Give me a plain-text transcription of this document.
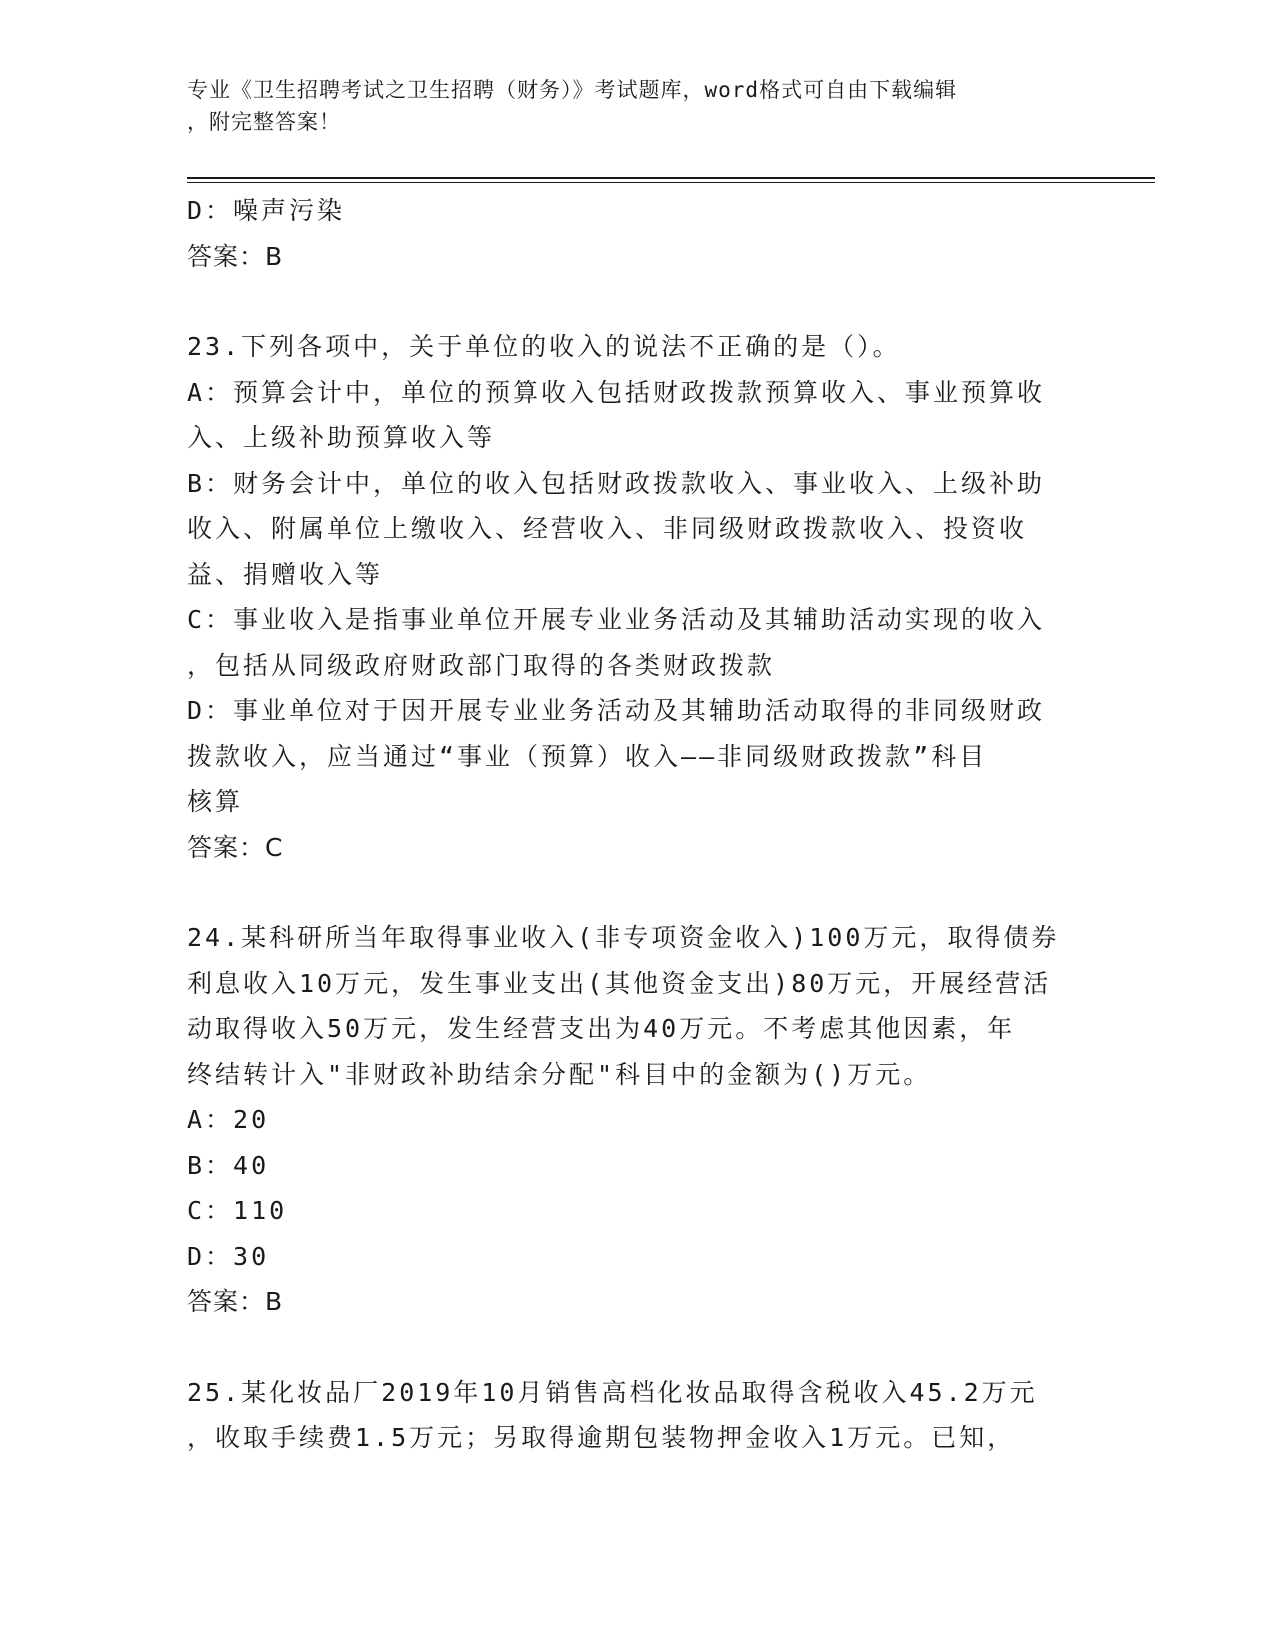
专业《卫生招聘考试之卫生招聘（财务）》考试题库，word格式可自由下载编辑
，附完整答案！
D：噪声污染
答案：B
23.下列各项中，关于单位的收入的说法不正确的是（）。
A：预算会计中，单位的预算收入包括财政拨款预算收入、事业预算收
入、上级补助预算收入等
B：财务会计中，单位的收入包括财政拨款收入、事业收入、上级补助
收入、附属单位上缴收入、经营收入、非同级财政拨款收入、投资收
益、捐赠收入等
C：事业收入是指事业单位开展专业业务活动及其辅助活动实现的收入
，包括从同级政府财政部门取得的各类财政拨款
D：事业单位对于因开展专业业务活动及其辅助活动取得的非同级财政
拨款收入，应当通过“事业（预算）收入——非同级财政拨款”科目
核算
答案：C
24.某科研所当年取得事业收入(非专项资金收入)100万元，取得债券
利息收入10万元，发生事业支出(其他资金支出)80万元，开展经营活
动取得收入50万元，发生经营支出为40万元。不考虑其他因素，年
终结转计入"非财政补助结余分配"科目中的金额为()万元。
A：20
B：40
C：110
D：30
答案：B
25.某化妆品厂2019年10月销售高档化妆品取得含税收入45.2万元
，收取手续费1.5万元；另取得逾期包装物押金收入1万元。已知，
